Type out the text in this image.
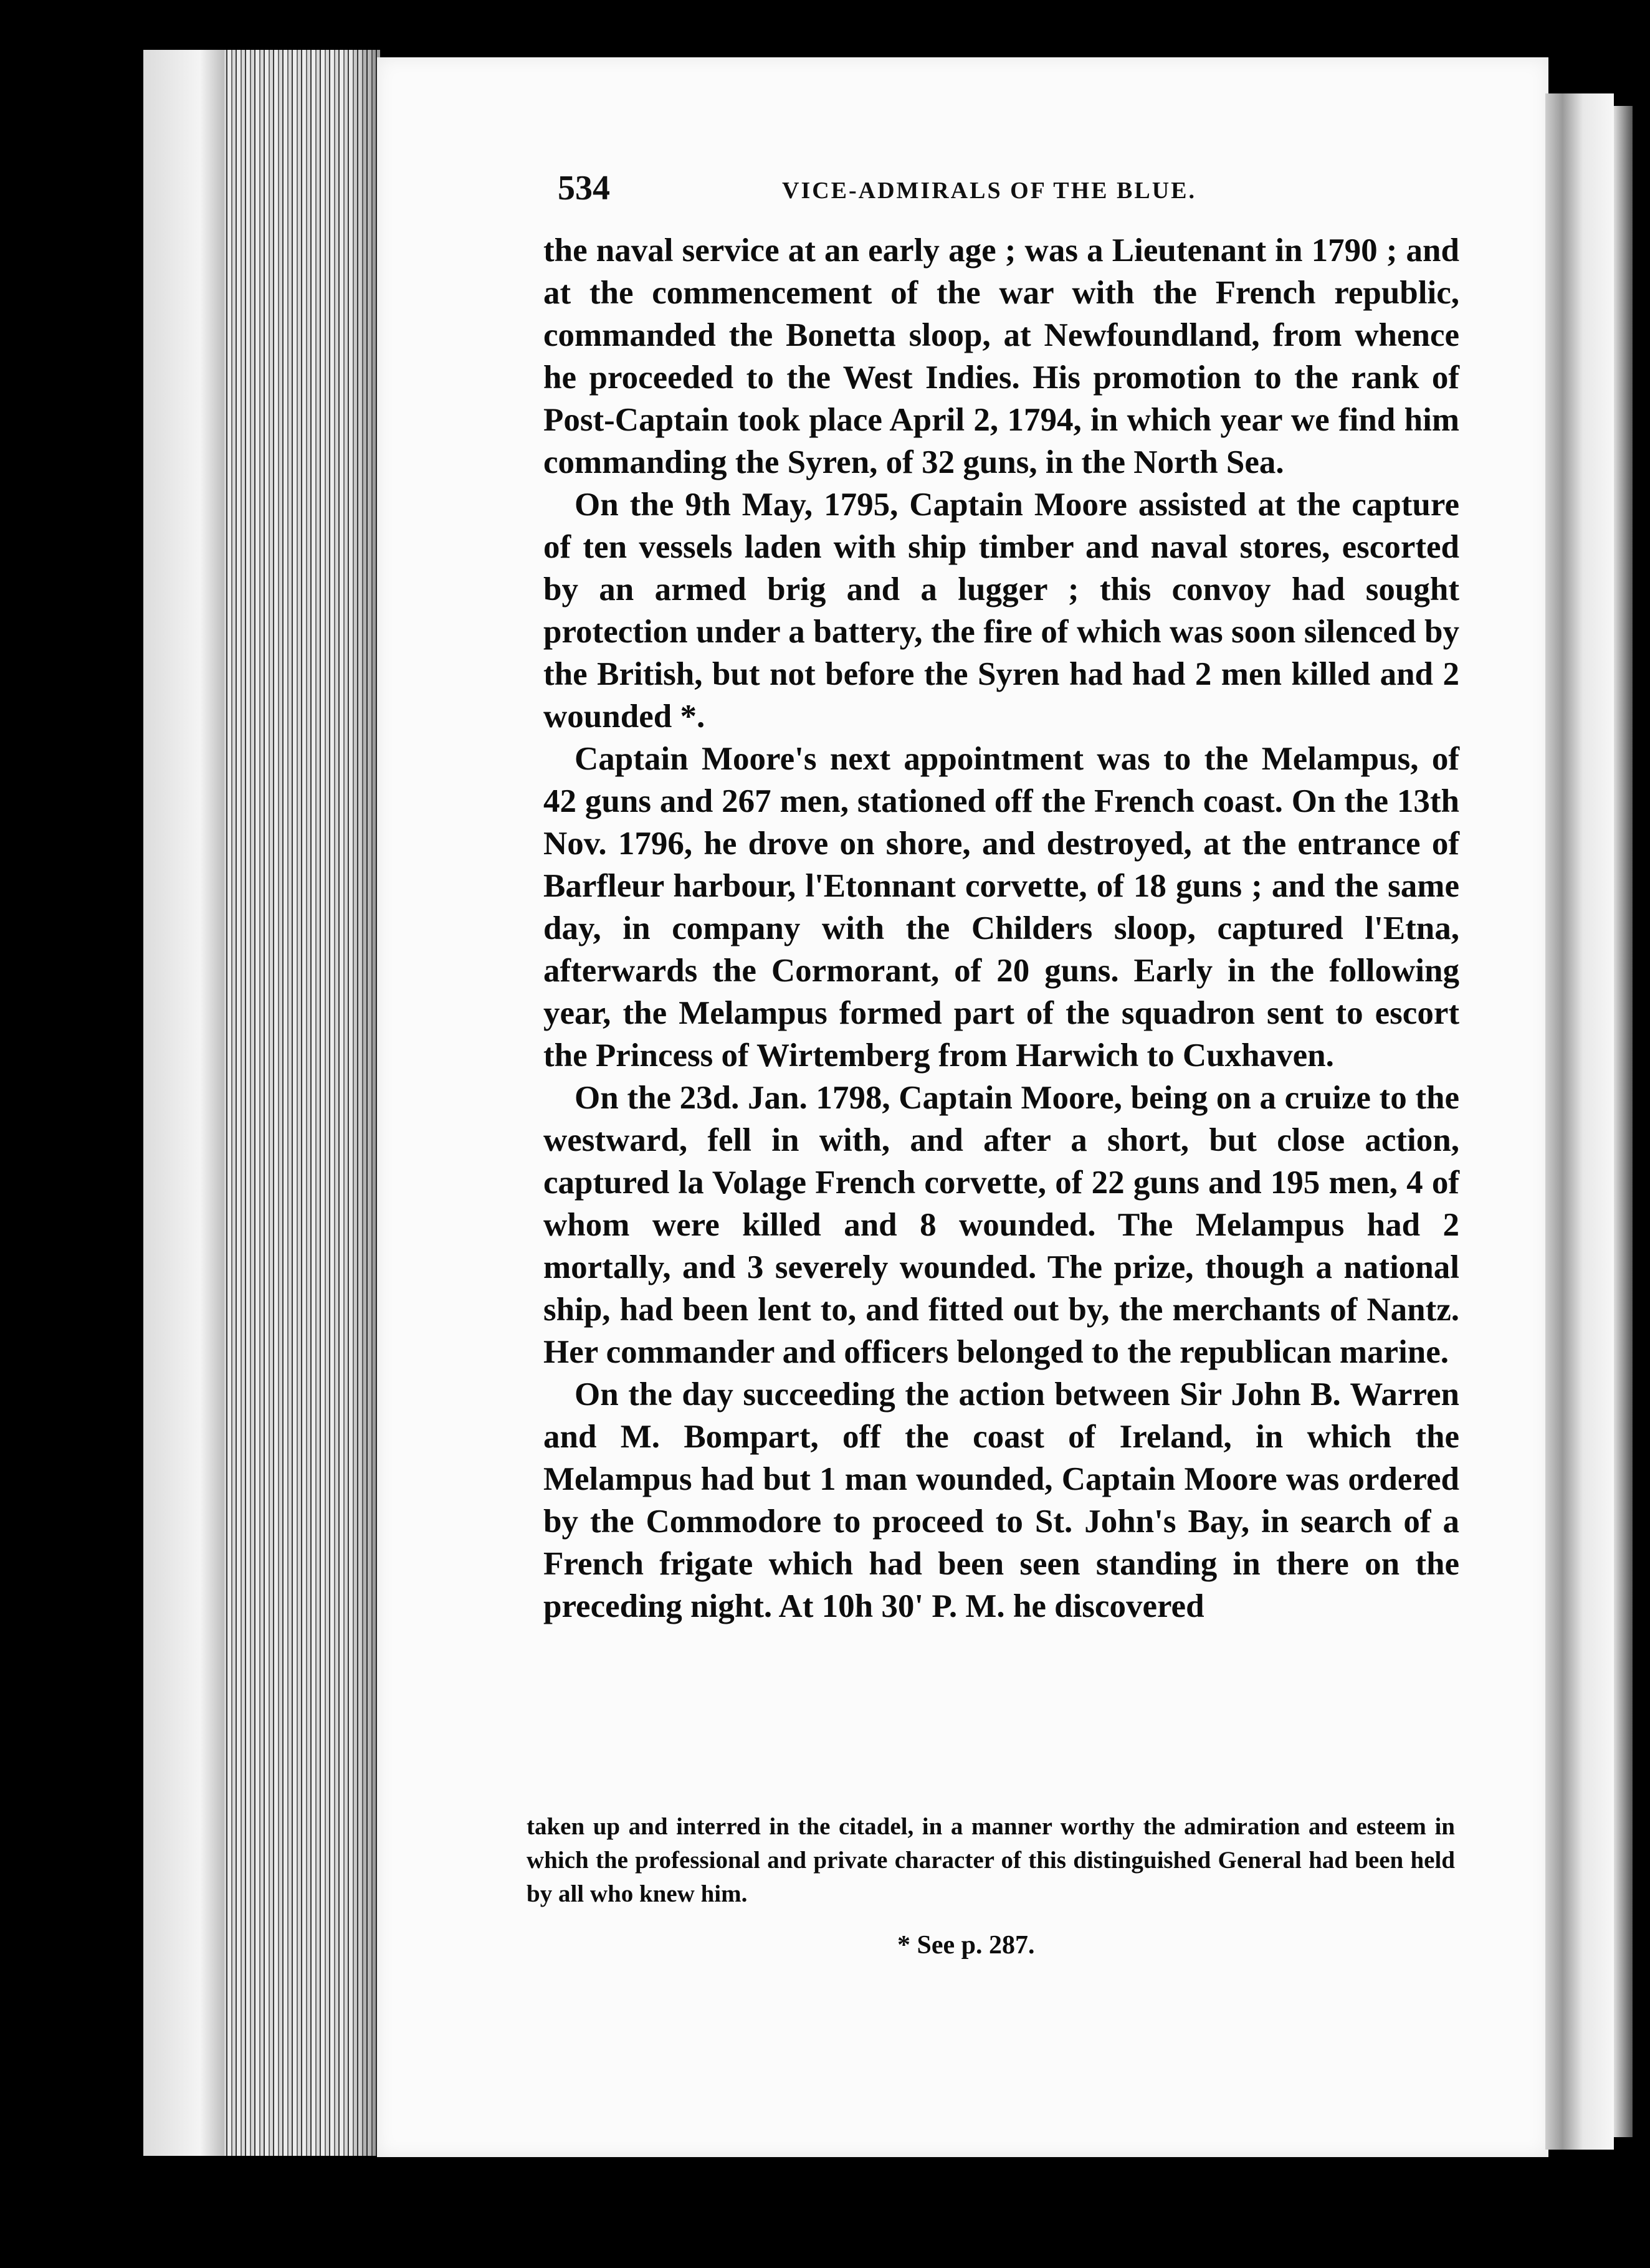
534	VICE-ADMIRALS OF THE BLUE.

the naval service at an early age ; was a Lieutenant in 1790 ; and at the commencement of the war with the French republic, commanded the Bonetta sloop, at Newfoundland, from whence he proceeded to the West Indies. His promotion to the rank of Post-Captain took place April 2, 1794, in which year we find him commanding the Syren, of 32 guns, in the North Sea.

On the 9th May, 1795, Captain Moore assisted at the capture of ten vessels laden with ship timber and naval stores, escorted by an armed brig and a lugger ; this convoy had sought protection under a battery, the fire of which was soon silenced by the British, but not before the Syren had had 2 men killed and 2 wounded *.

Captain Moore's next appointment was to the Melampus, of 42 guns and 267 men, stationed off the French coast. On the 13th Nov. 1796, he drove on shore, and destroyed, at the entrance of Barfleur harbour, l'Etonnant corvette, of 18 guns ; and the same day, in company with the Childers sloop, captured l'Etna, afterwards the Cormorant, of 20 guns. Early in the following year, the Melampus formed part of the squadron sent to escort the Princess of Wirtemberg from Harwich to Cuxhaven.

On the 23d. Jan. 1798, Captain Moore, being on a cruize to the westward, fell in with, and after a short, but close action, captured la Volage French corvette, of 22 guns and 195 men, 4 of whom were killed and 8 wounded. The Melampus had 2 mortally, and 3 severely wounded. The prize, though a national ship, had been lent to, and fitted out by, the merchants of Nantz. Her commander and officers belonged to the republican marine.

On the day succeeding the action between Sir John B. Warren and M. Bompart, off the coast of Ireland, in which the Melampus had but 1 man wounded, Captain Moore was ordered by the Commodore to proceed to St. John's Bay, in search of a French frigate which had been seen standing in there on the preceding night. At 10h 30' P. M. he discovered

taken up and interred in the citadel, in a manner worthy the admiration and esteem in which the professional and private character of this distinguished General had been held by all who knew him.

* See p. 287.
